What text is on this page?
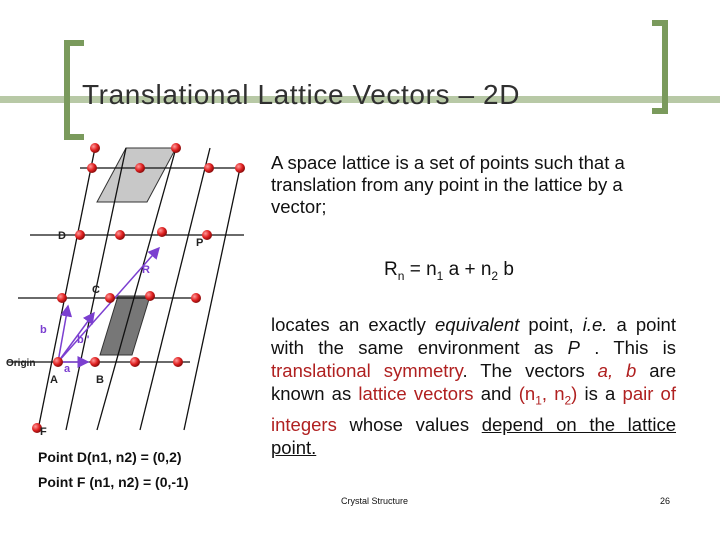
Translational Lattice Vectors – 2D
D
P
R
C
b
b '
Origin	a
A	B
F
Point D(n1, n2) = (0,2)
Point F (n1, n2) = (0,-1)
A space lattice is a set of points such that a translation from any point in the lattice by a vector;
$R_n = n_1$ $a + n_2$ b
locates an exactly equivalent point, i.e. a point with the same environment as P . This is translational symmetry. The vectors a, b are known as lattice vectors and ($n_1$, $n_2$) is a pair of integers whose values depend on the lattice point.
Crystal Structure	26
